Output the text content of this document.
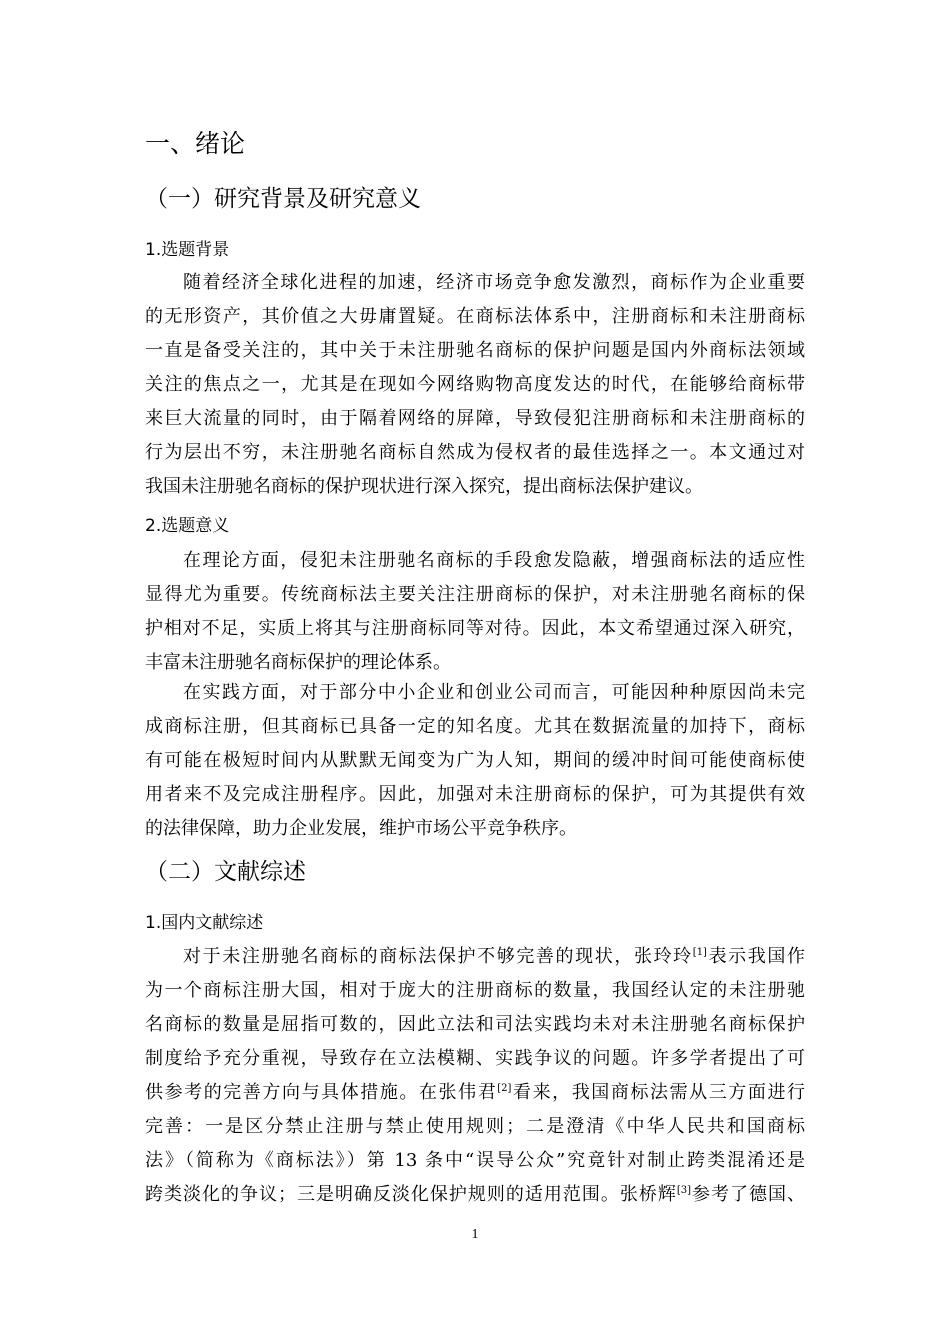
一、绪论
（一）研究背景及研究意义
1.选题背景
随着经济全球化进程的加速，经济市场竞争愈发激烈，商标作为企业重要
的无形资产，其价值之大毋庸置疑。在商标法体系中，注册商标和未注册商标
一直是备受关注的，其中关于未注册驰名商标的保护问题是国内外商标法领域
关注的焦点之一，尤其是在现如今网络购物高度发达的时代，在能够给商标带
来巨大流量的同时，由于隔着网络的屏障，导致侵犯注册商标和未注册商标的
行为层出不穷，未注册驰名商标自然成为侵权者的最佳选择之一。本文通过对
我国未注册驰名商标的保护现状进行深入探究，提出商标法保护建议。
2.选题意义
在理论方面，侵犯未注册驰名商标的手段愈发隐蔽，增强商标法的适应性
显得尤为重要。传统商标法主要关注注册商标的保护，对未注册驰名商标的保
护相对不足，实质上将其与注册商标同等对待。因此，本文希望通过深入研究，
丰富未注册驰名商标保护的理论体系。
在实践方面，对于部分中小企业和创业公司而言，可能因种种原因尚未完
成商标注册，但其商标已具备一定的知名度。尤其在数据流量的加持下，商标
有可能在极短时间内从默默无闻变为广为人知，期间的缓冲时间可能使商标使
用者来不及完成注册程序。因此，加强对未注册商标的保护，可为其提供有效
的法律保障，助力企业发展，维护市场公平竞争秩序。
（二）文献综述
1.国内文献综述
对于未注册驰名商标的商标法保护不够完善的现状，张玲玲[1]表示我国作
为一个商标注册大国，相对于庞大的注册商标的数量，我国经认定的未注册驰
名商标的数量是屈指可数的，因此立法和司法实践均未对未注册驰名商标保护
制度给予充分重视，导致存在立法模糊、实践争议的问题。许多学者提出了可
供参考的完善方向与具体措施。在张伟君[2]看来，我国商标法需从三方面进行
完善：一是区分禁止注册与禁止使用规则；二是澄清《中华人民共和国商标
法》（简称为《商标法》）第 13 条中“误导公众”究竟针对制止跨类混淆还是
跨类淡化的争议；三是明确反淡化保护规则的适用范围。张桥辉[3]参考了德国、
1
